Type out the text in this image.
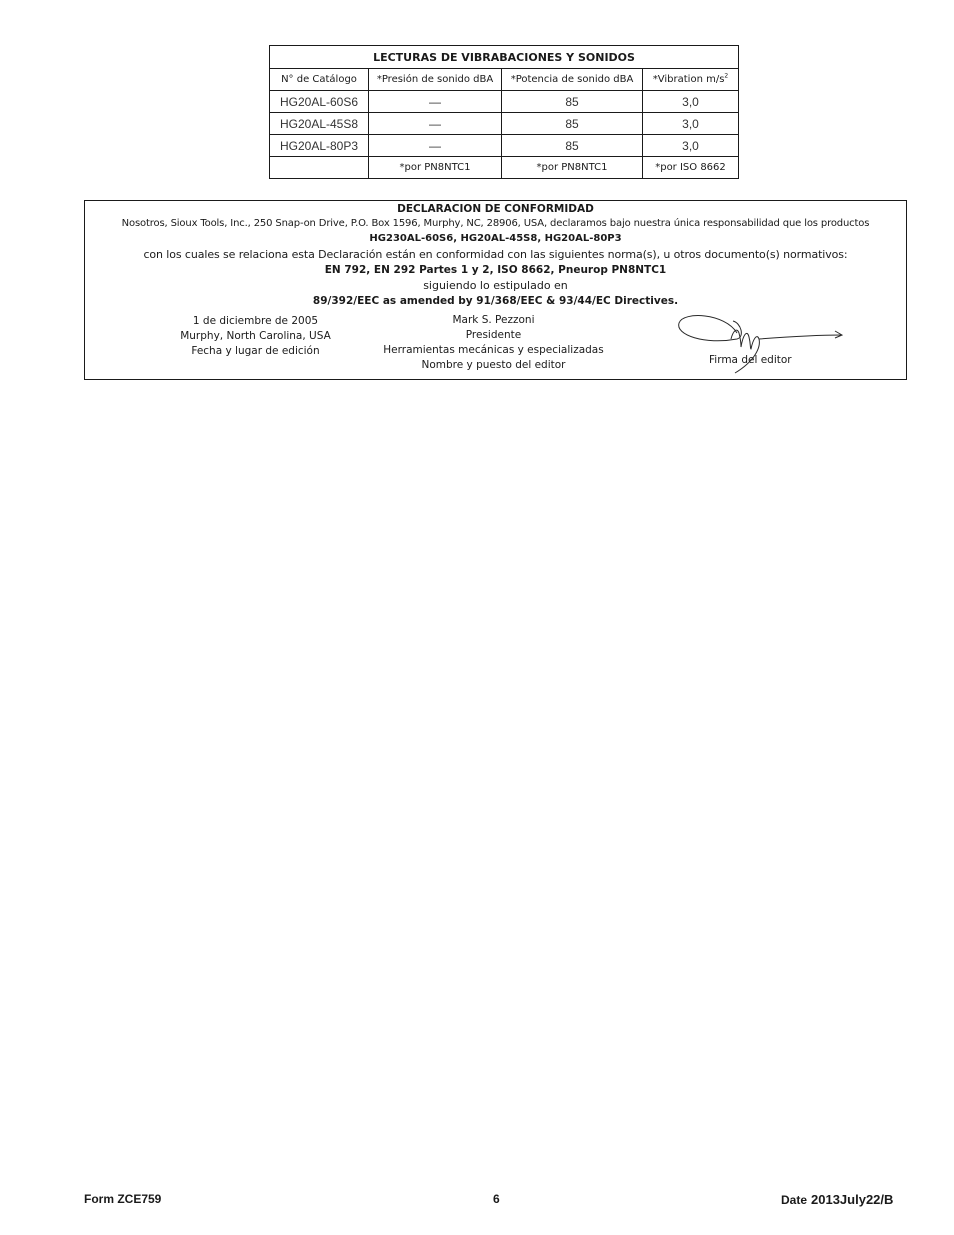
LECTURAS DE VIBRABACIONES Y SONIDOS			
N° de Catálogo	*Presión de sonido dBA	*Potencia de sonido dBA	*Vibration $m/s^2$
HG20AL-60S6	—	85	3,0
HG20AL-45S8	—	85	3,0
HG20AL-80P3	—	85	3,0
	*por PN8NTC1	*por PN8NTC1	*por ISO 8662
DECLARACION DE CONFORMIDAD
Nosotros, Sioux Tools, Inc., 250 Snap-on Drive, P.O. Box 1596, Murphy, NC, 28906, USA, declaramos bajo nuestra única responsabilidad que los productos
HG230AL-60S6, HG20AL-45S8, HG20AL-80P3
con los cuales se relaciona esta Declaración están en conformidad con las siguientes norma(s), u otros documento(s) normativos:
EN 792, EN 292 Partes 1 y 2, ISO 8662, Pneurop PN8NTC1
siguiendo lo estipulado en
89/392/EEC as amended by 91/368/EEC & 93/44/EC Directives.
1 de diciembre de 2005
Murphy, North Carolina, USA
Fecha y lugar de edición
Mark S. Pezzoni
Presidente
Herramientas mecánicas y especializadas
Nombre y puesto del editor	Firma del editor
Form ZCE759	6	Date 2013July22/B
